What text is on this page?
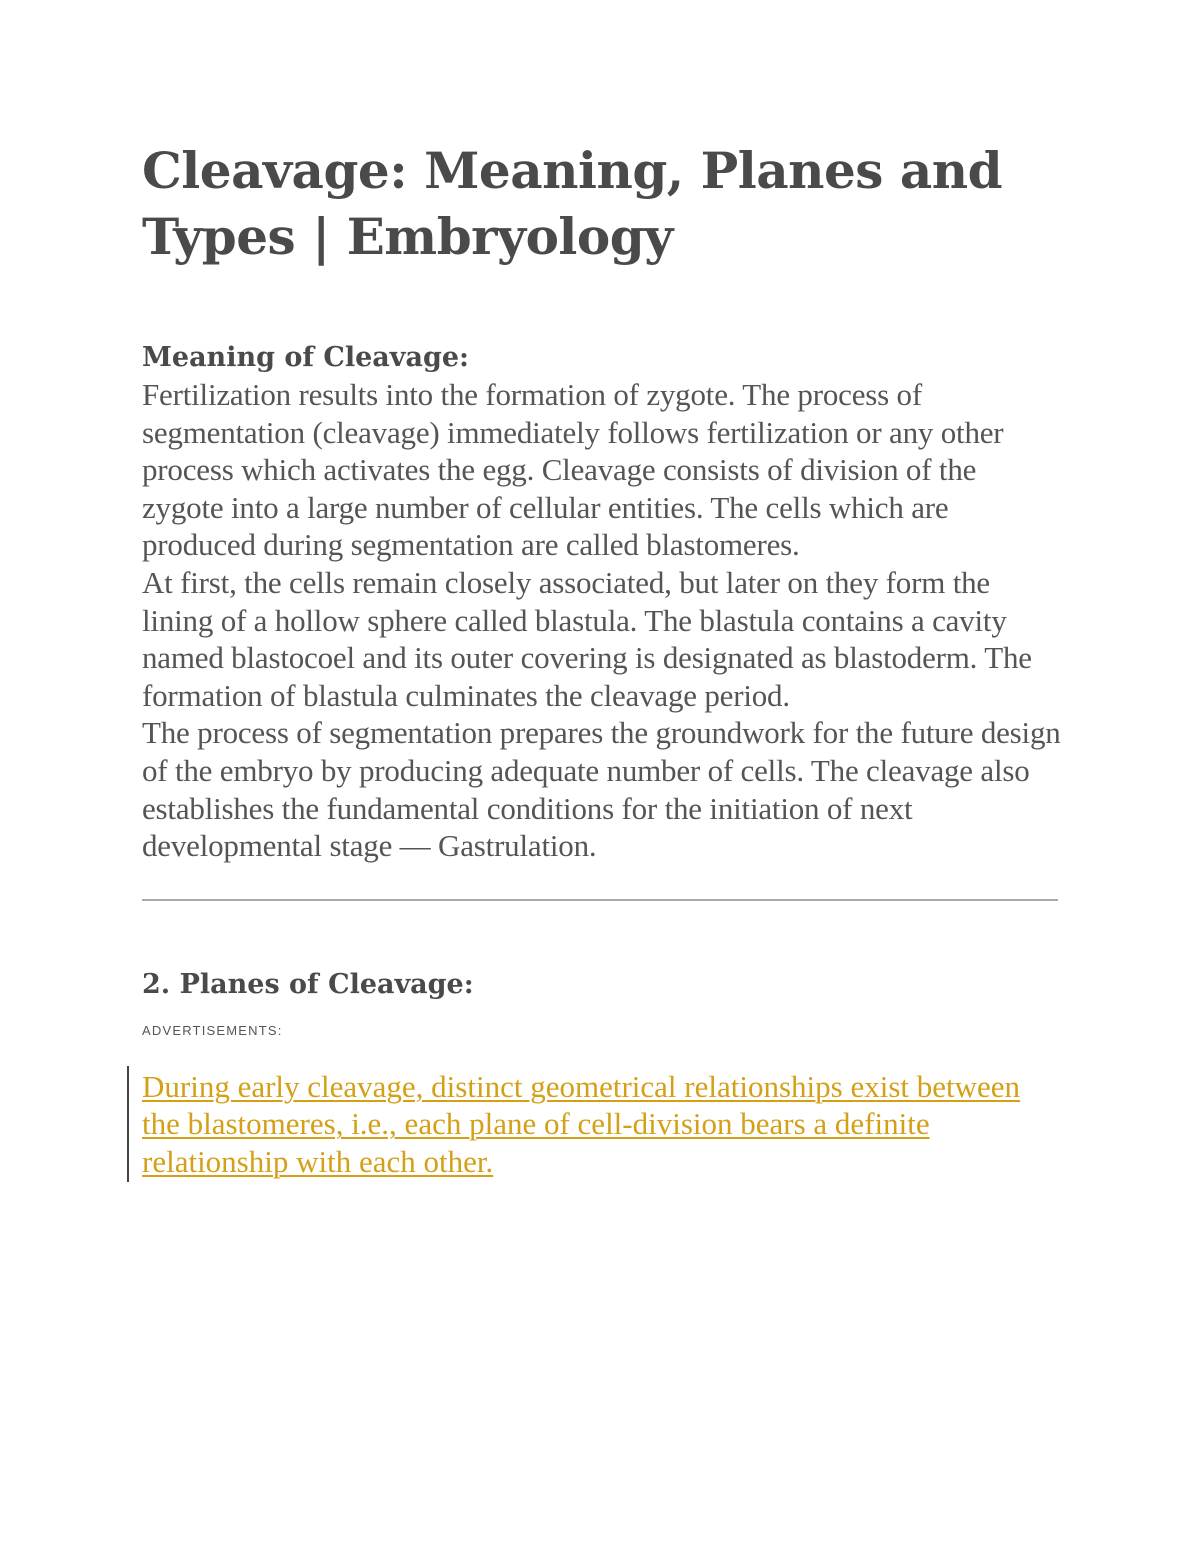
Cleavage: Meaning, Planes and Types | Embryology
Meaning of Cleavage:

Fertilization results into the formation of zygote. The process of segmentation (cleavage) immediately follows fertilization or any other process which activates the egg. Cleavage consists of division of the zygote into a large number of cellular entities. The cells which are produced during segmentation are called blastomeres.

At first, the cells remain closely associated, but later on they form the lining of a hollow sphere called blastula. The blastula contains a cavity named blastocoel and its outer covering is designated as blastoderm. The formation of blastula culminates the cleavage period.

The process of segmentation prepares the groundwork for the future design of the embryo by producing adequate number of cells. The cleavage also establishes the fundamental conditions for the initiation of next developmental stage — Gastrulation.

2. Planes of Cleavage:
ADVERTISEMENTS:

During early cleavage, distinct geometrical relationships exist between the blastomeres, i.e., each plane of cell-division bears a definite relationship with each other.
